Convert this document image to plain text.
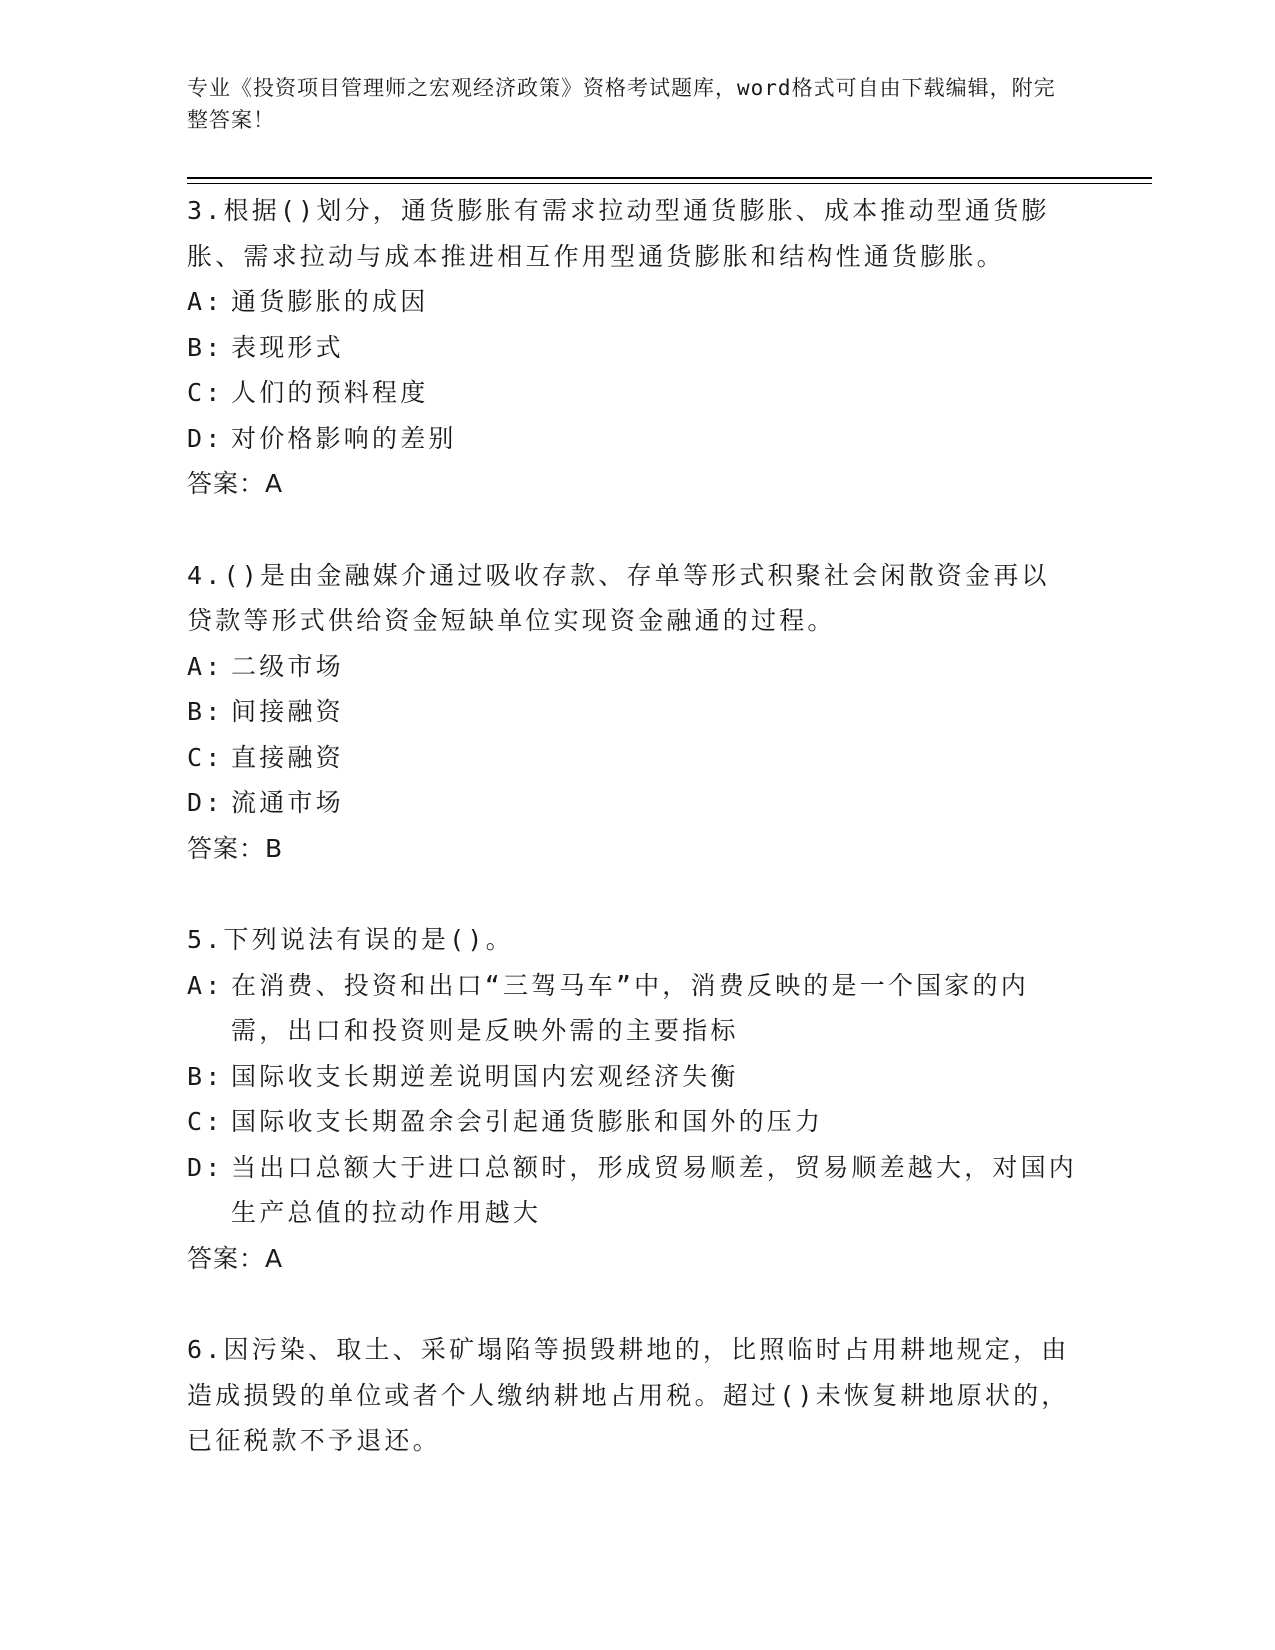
专业《投资项目管理师之宏观经济政策》资格考试题库，word格式可自由下载编辑，附完整答案！

3.根据()划分，通货膨胀有需求拉动型通货膨胀、成本推动型通货膨胀、需求拉动与成本推进相互作用型通货膨胀和结构性通货膨胀。

A: 通货膨胀的成因
B: 表现形式
C: 人们的预料程度
D: 对价格影响的差别

答案：A

4.()是由金融媒介通过吸收存款、存单等形式积聚社会闲散资金再以贷款等形式供给资金短缺单位实现资金融通的过程。

A: 二级市场
B: 间接融资
C: 直接融资
D: 流通市场

答案：B

5.下列说法有误的是()。

A: 在消费、投资和出口“三驾马车”中，消费反映的是一个国家的内需，出口和投资则是反映外需的主要指标
B: 国际收支长期逆差说明国内宏观经济失衡
C: 国际收支长期盈余会引起通货膨胀和国外的压力
D: 当出口总额大于进口总额时，形成贸易顺差，贸易顺差越大，对国内生产总值的拉动作用越大

答案：A

6.因污染、取土、采矿塌陷等损毁耕地的，比照临时占用耕地规定，由造成损毁的单位或者个人缴纳耕地占用税。超过()未恢复耕地原状的，已征税款不予退还。
